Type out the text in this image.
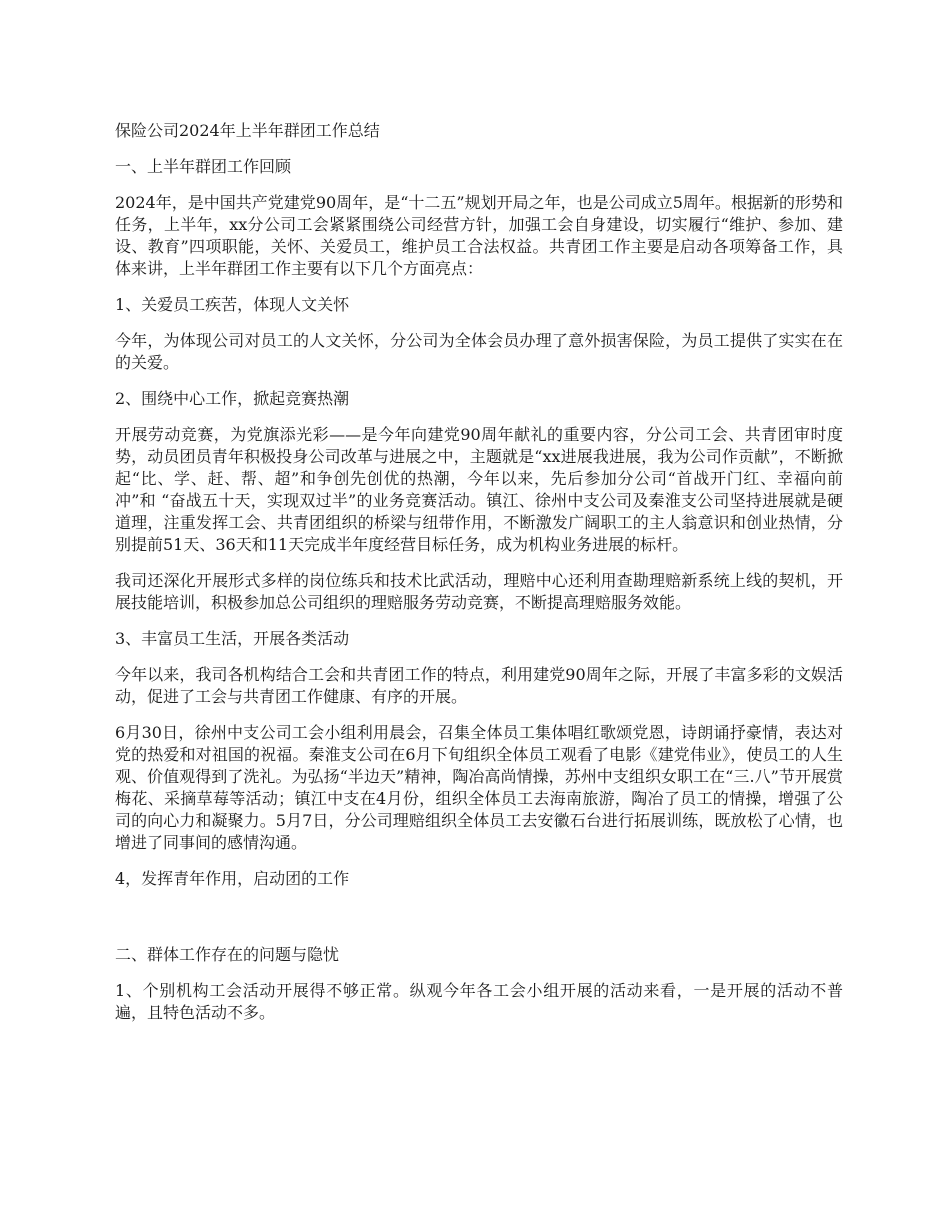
保险公司2024年上半年群团工作总结

一、上半年群团工作回顾

2024年，是中国共产党建党90周年，是“十二五”规划开局之年，也是公司成立5周年。根据新的形势和任务，上半年，xx分公司工会紧紧围绕公司经营方针，加强工会自身建设，切实履行“维护、参加、建设、教育”四项职能，关怀、关爱员工，维护员工合法权益。共青团工作主要是启动各项筹备工作，具体来讲，上半年群团工作主要有以下几个方面亮点：

1、关爱员工疾苦，体现人文关怀

今年，为体现公司对员工的人文关怀，分公司为全体会员办理了意外损害保险，为员工提供了实实在在的关爱。

2、围绕中心工作，掀起竞赛热潮

开展劳动竞赛，为党旗添光彩——是今年向建党90周年献礼的重要内容，分公司工会、共青团审时度势，动员团员青年积极投身公司改革与进展之中，主题就是“xx进展我进展，我为公司作贡献”，不断掀起“比、学、赶、帮、超”和争创先创优的热潮，今年以来，先后参加分公司“首战开门红、幸福向前冲”和 “奋战五十天，实现双过半”的业务竞赛活动。镇江、徐州中支公司及秦淮支公司坚持进展就是硬道理，注重发挥工会、共青团组织的桥梁与纽带作用，不断激发广阔职工的主人翁意识和创业热情，分别提前51天、36天和11天完成半年度经营目标任务，成为机构业务进展的标杆。

我司还深化开展形式多样的岗位练兵和技术比武活动，理赔中心还利用查勘理赔新系统上线的契机，开展技能培训，积极参加总公司组织的理赔服务劳动竞赛，不断提高理赔服务效能。

3、丰富员工生活，开展各类活动

今年以来，我司各机构结合工会和共青团工作的特点，利用建党90周年之际，开展了丰富多彩的文娱活动，促进了工会与共青团工作健康、有序的开展。

6月30日，徐州中支公司工会小组利用晨会，召集全体员工集体唱红歌颂党恩，诗朗诵抒豪情，表达对党的热爱和对祖国的祝福。秦淮支公司在6月下旬组织全体员工观看了电影《建党伟业》，使员工的人生观、价值观得到了洗礼。为弘扬“半边天”精神，陶冶高尚情操，苏州中支组织女职工在“三.八”节开展赏梅花、采摘草莓等活动；镇江中支在4月份，组织全体员工去海南旅游，陶冶了员工的情操，增强了公司的向心力和凝聚力。5月7日，分公司理赔组织全体员工去安徽石台进行拓展训练，既放松了心情，也增进了同事间的感情沟通。

4，发挥青年作用，启动团的工作

二、群体工作存在的问题与隐忧

1、个别机构工会活动开展得不够正常。纵观今年各工会小组开展的活动来看，一是开展的活动不普遍，且特色活动不多。
